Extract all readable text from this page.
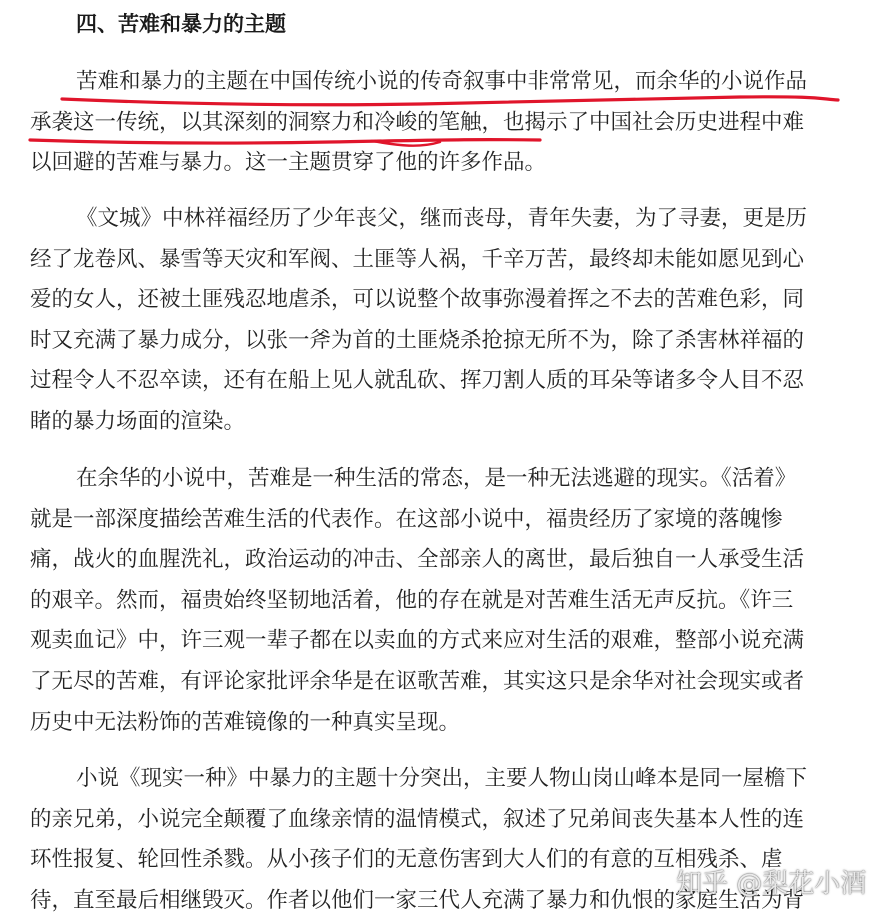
四、苦难和暴力的主题
苦难和暴力的主题在中国传统小说的传奇叙事中非常常见，而余华的小说作品
承袭这一传统，以其深刻的洞察力和冷峻的笔触，也揭示了中国社会历史进程中难
以回避的苦难与暴力。这一主题贯穿了他的许多作品。
《文城》中林祥福经历了少年丧父，继而丧母，青年失妻，为了寻妻，更是历
经了龙卷风、暴雪等天灾和军阀、土匪等人祸，千辛万苦，最终却未能如愿见到心
爱的女人，还被土匪残忍地虐杀，可以说整个故事弥漫着挥之不去的苦难色彩，同
时又充满了暴力成分，以张一斧为首的土匪烧杀抢掠无所不为，除了杀害林祥福的
过程令人不忍卒读，还有在船上见人就乱砍、挥刀割人质的耳朵等诸多令人目不忍
睹的暴力场面的渲染。
在余华的小说中，苦难是一种生活的常态，是一种无法逃避的现实。《活着》
就是一部深度描绘苦难生活的代表作。在这部小说中，福贵经历了家境的落魄惨
痛，战火的血腥洗礼，政治运动的冲击、全部亲人的离世，最后独自一人承受生活
的艰辛。然而，福贵始终坚韧地活着，他的存在就是对苦难生活无声反抗。《许三
观卖血记》中，许三观一辈子都在以卖血的方式来应对生活的艰难，整部小说充满
了无尽的苦难，有评论家批评余华是在讴歌苦难，其实这只是余华对社会现实或者
历史中无法粉饰的苦难镜像的一种真实呈现。
小说《现实一种》中暴力的主题十分突出，主要人物山岗山峰本是同一屋檐下
的亲兄弟，小说完全颠覆了血缘亲情的温情模式，叙述了兄弟间丧失基本人性的连
环性报复、轮回性杀戮。从小孩子们的无意伤害到大人们的有意的互相残杀、虐
待，直至最后相继毁灭。作者以他们一家三代人充满了暴力和仇恨的家庭生活为背
知乎 @梨花小酒
